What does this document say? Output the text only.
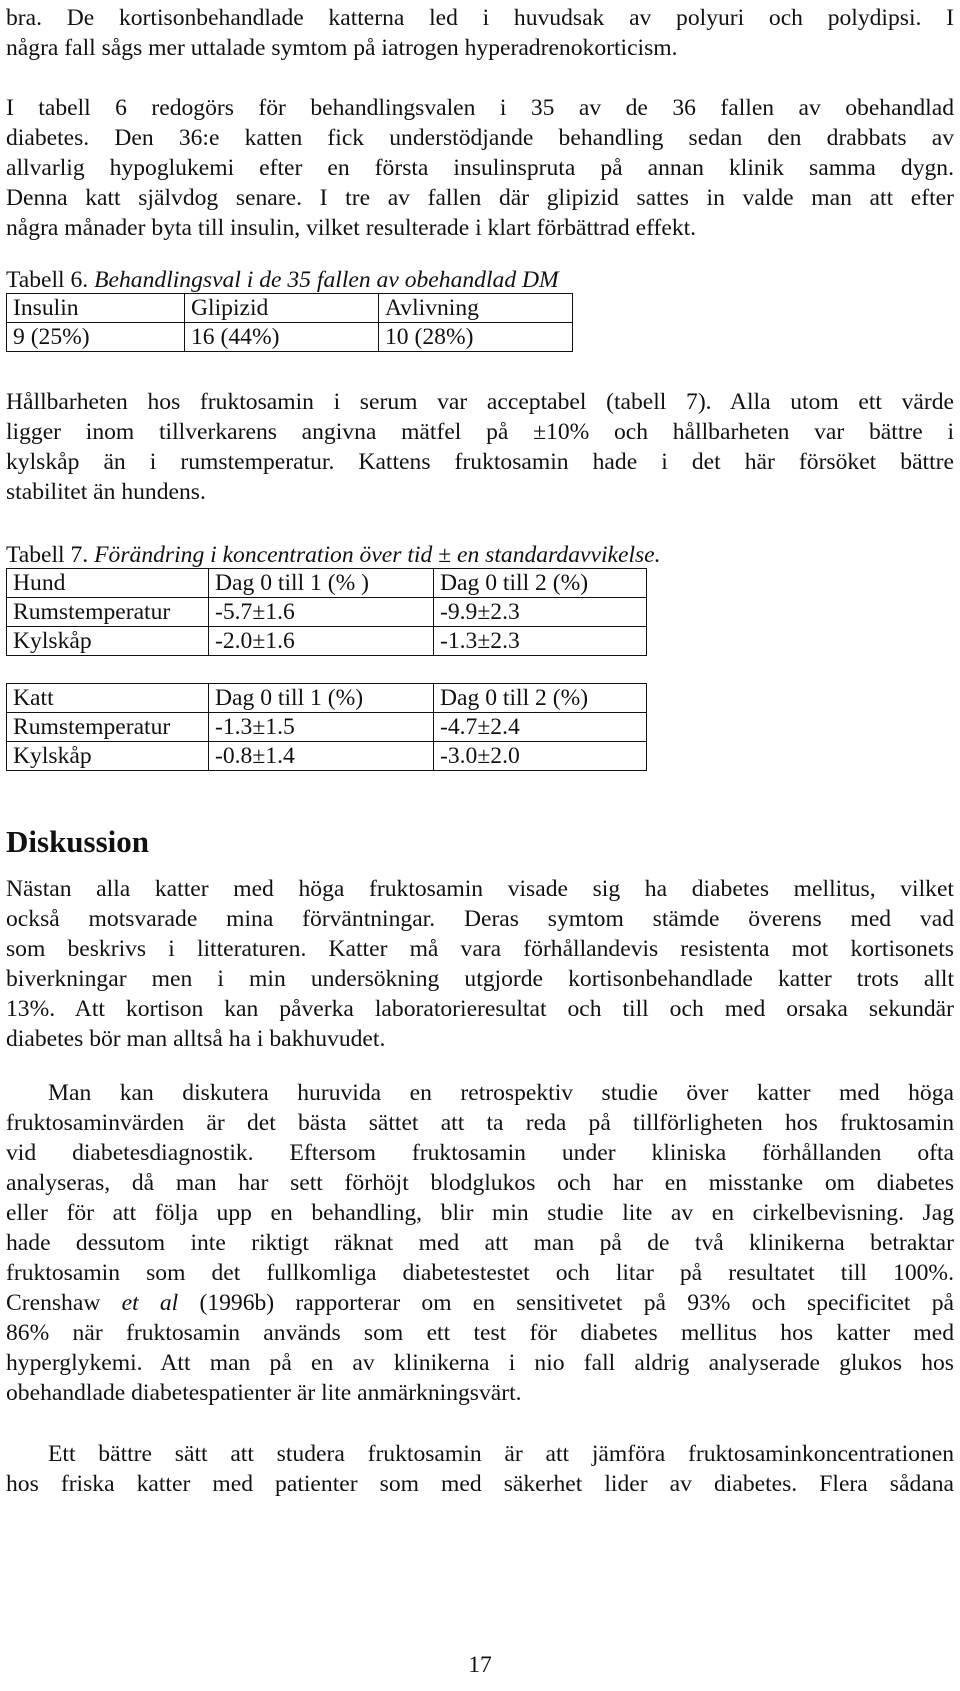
bra. De kortisonbehandlade katterna led i huvudsak av polyuri och polydipsi. I
några fall sågs mer uttalade symtom på iatrogen hyperadrenokorticism.
I tabell 6 redogörs för behandlingsvalen i 35 av de 36 fallen av obehandlad
diabetes. Den 36:e katten fick understödjande behandling sedan den drabbats av
allvarlig hypoglukemi efter en första insulinspruta på annan klinik samma dygn.
Denna katt självdog senare. I tre av fallen där glipizid sattes in valde man att efter
några månader byta till insulin, vilket resulterade i klart förbättrad effekt.
Tabell 6. Behandlingsval i de 35 fallen av obehandlad DM
Insulin	Glipizid	Avlivning
9 (25%)	16 (44%)	10 (28%)
Hållbarheten hos fruktosamin i serum var acceptabel (tabell 7). Alla utom ett värde
ligger inom tillverkarens angivna mätfel på ±10% och hållbarheten var bättre i
kylskåp än i rumstemperatur. Kattens fruktosamin hade i det här försöket bättre
stabilitet än hundens.
Tabell 7. Förändring i koncentration över tid ± en standardavvikelse.
Hund	Dag 0 till 1 (% )	Dag 0 till 2 (%)
Rumstemperatur	-5.7±1.6	-9.9±2.3
Kylskåp	-2.0±1.6	-1.3±2.3
Katt	Dag 0 till 1 (%)	Dag 0 till 2 (%)
Rumstemperatur	-1.3±1.5	-4.7±2.4
Kylskåp	-0.8±1.4	-3.0±2.0
Diskussion
Nästan alla katter med höga fruktosamin visade sig ha diabetes mellitus, vilket
också motsvarade mina förväntningar. Deras symtom stämde överens med vad
som beskrivs i litteraturen. Katter må vara förhållandevis resistenta mot kortisonets
biverkningar men i min undersökning utgjorde kortisonbehandlade katter trots allt
13%. Att kortison kan påverka laboratorieresultat och till och med orsaka sekundär
diabetes bör man alltså ha i bakhuvudet.
Man kan diskutera huruvida en retrospektiv studie över katter med höga
fruktosaminvärden är det bästa sättet att ta reda på tillförligheten hos fruktosamin
vid diabetesdiagnostik. Eftersom fruktosamin under kliniska förhållanden ofta
analyseras, då man har sett förhöjt blodglukos och har en misstanke om diabetes
eller för att följa upp en behandling, blir min studie lite av en cirkelbevisning. Jag
hade dessutom inte riktigt räknat med att man på de två klinikerna betraktar
fruktosamin som det fullkomliga diabetestestet och litar på resultatet till 100%.
Crenshaw et al (1996b) rapporterar om en sensitivetet på 93% och specificitet på
86% när fruktosamin används som ett test för diabetes mellitus hos katter med
hyperglykemi. Att man på en av klinikerna i nio fall aldrig analyserade glukos hos
obehandlade diabetespatienter är lite anmärkningsvärt.
Ett bättre sätt att studera fruktosamin är att jämföra fruktosaminkoncentrationen
hos friska katter med patienter som med säkerhet lider av diabetes. Flera sådana
17
